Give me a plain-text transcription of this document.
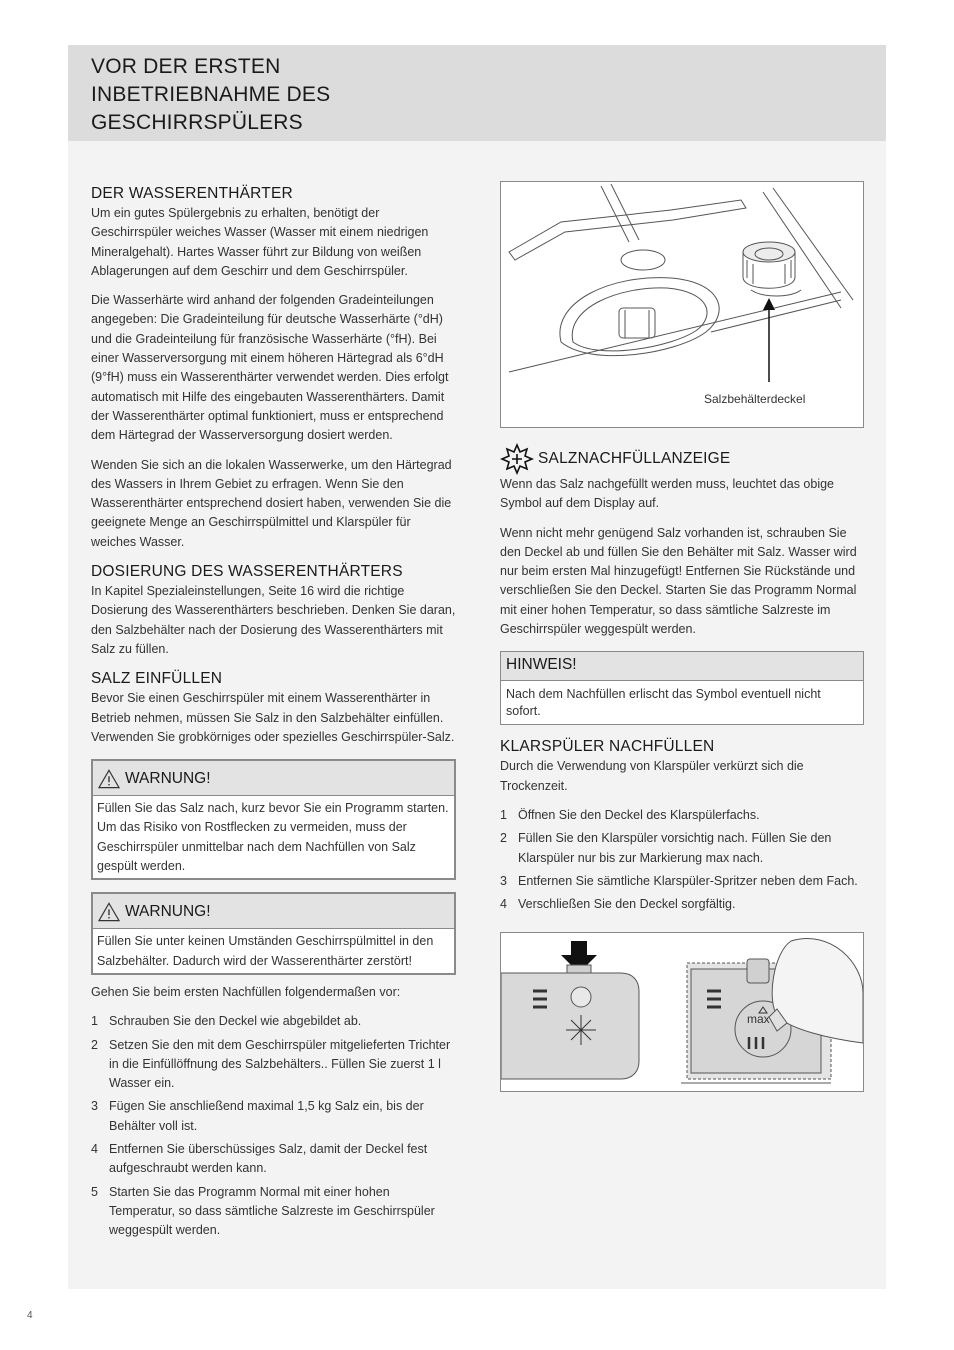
VOR DER ERSTEN INBETRIEBNAHME DES GESCHIRRSPÜLERS
DER WASSERENTHÄRTER

Um ein gutes Spülergebnis zu erhalten, benötigt der Geschirrspüler weiches Wasser (Wasser mit einem niedrigen Mineralgehalt). Hartes Wasser führt zur Bildung von weißen Ablagerungen auf dem Geschirr und dem Geschirrspüler.

Die Wasserhärte wird anhand der folgenden Gradeinteilungen angegeben: Die Gradeinteilung für deutsche Wasserhärte (°dH) und die Gradeinteilung für französische Wasserhärte (°fH). Bei einer Wasserversorgung mit einem höheren Härtegrad als 6°dH (9°fH) muss ein Wasserenthärter verwendet werden. Dies erfolgt automatisch mit Hilfe des eingebauten Wasserenthärters. Damit der Wasserenthärter optimal funktioniert, muss er entsprechend dem Härtegrad der Wasserversorgung dosiert werden.

Wenden Sie sich an die lokalen Wasserwerke, um den Härtegrad des Wassers in Ihrem Gebiet zu erfragen. Wenn Sie den Wasserenthärter entsprechend dosiert haben, verwenden Sie die geeignete Menge an Geschirrspülmittel und Klarspüler für weiches Wasser.

DOSIERUNG DES WASSERENTHÄRTERS

In Kapitel Spezialeinstellungen, Seite 16 wird die richtige Dosierung des Wasserenthärters beschrieben. Denken Sie daran, den Salzbehälter nach der Dosierung des Wasserenthärters mit Salz zu füllen.

SALZ EINFÜLLEN

Bevor Sie einen Geschirrspüler mit einem Wasserenthärter in Betrieb nehmen, müssen Sie Salz in den Salzbehälter einfüllen. Verwenden Sie grobkörniges oder spezielles Geschirrspüler-Salz.

WARNUNG!

Füllen Sie das Salz nach, kurz bevor Sie ein Programm starten. Um das Risiko von Rostflecken zu vermeiden, muss der Geschirrspüler unmittelbar nach dem Nachfüllen von Salz gespült werden.

WARNUNG!

Füllen Sie unter keinen Umständen Geschirrspülmittel in den Salzbehälter. Dadurch wird der Wasserenthärter zerstört!

Gehen Sie beim ersten Nachfüllen folgendermaßen vor:

1 Schrauben Sie den Deckel wie abgebildet ab.
2 Setzen Sie den mit dem Geschirrspüler mitgelieferten Trichter in die Einfüllöffnung des Salzbehälters.. Füllen Sie zuerst 1 l Wasser ein.
3 Fügen Sie anschließend maximal 1,5 kg Salz ein, bis der Behälter voll ist.
4 Entfernen Sie überschüssiges Salz, damit der Deckel fest aufgeschraubt werden kann.
5 Starten Sie das Programm Normal mit einer hohen Temperatur, so dass sämtliche Salzreste im Geschirrspüler weggespült werden.
Salzbehälterdeckel
SALZNACHFÜLLANZEIGE

Wenn das Salz nachgefüllt werden muss, leuchtet das obige Symbol auf dem Display auf.

Wenn nicht mehr genügend Salz vorhanden ist, schrauben Sie den Deckel ab und füllen Sie den Behälter mit Salz. Wasser wird nur beim ersten Mal hinzugefügt! Entfernen Sie Rückstände und verschließen Sie den Deckel. Starten Sie das Programm Normal mit einer hohen Temperatur, so dass sämtliche Salzreste im Geschirrspüler weggespült werden.

HINWEIS!
Nach dem Nachfüllen erlischt das Symbol eventuell nicht sofort.
KLARSPÜLER NACHFÜLLEN

Durch die Verwendung von Klarspüler verkürzt sich die Trockenzeit.

1 Öffnen Sie den Deckel des Klarspülerfachs.
2 Füllen Sie den Klarspüler vorsichtig nach. Füllen Sie den Klarspüler nur bis zur Markierung max nach.
3 Entfernen Sie sämtliche Klarspüler-Spritzer neben dem Fach.
4 Verschließen Sie den Deckel sorgfältig.
max
4
